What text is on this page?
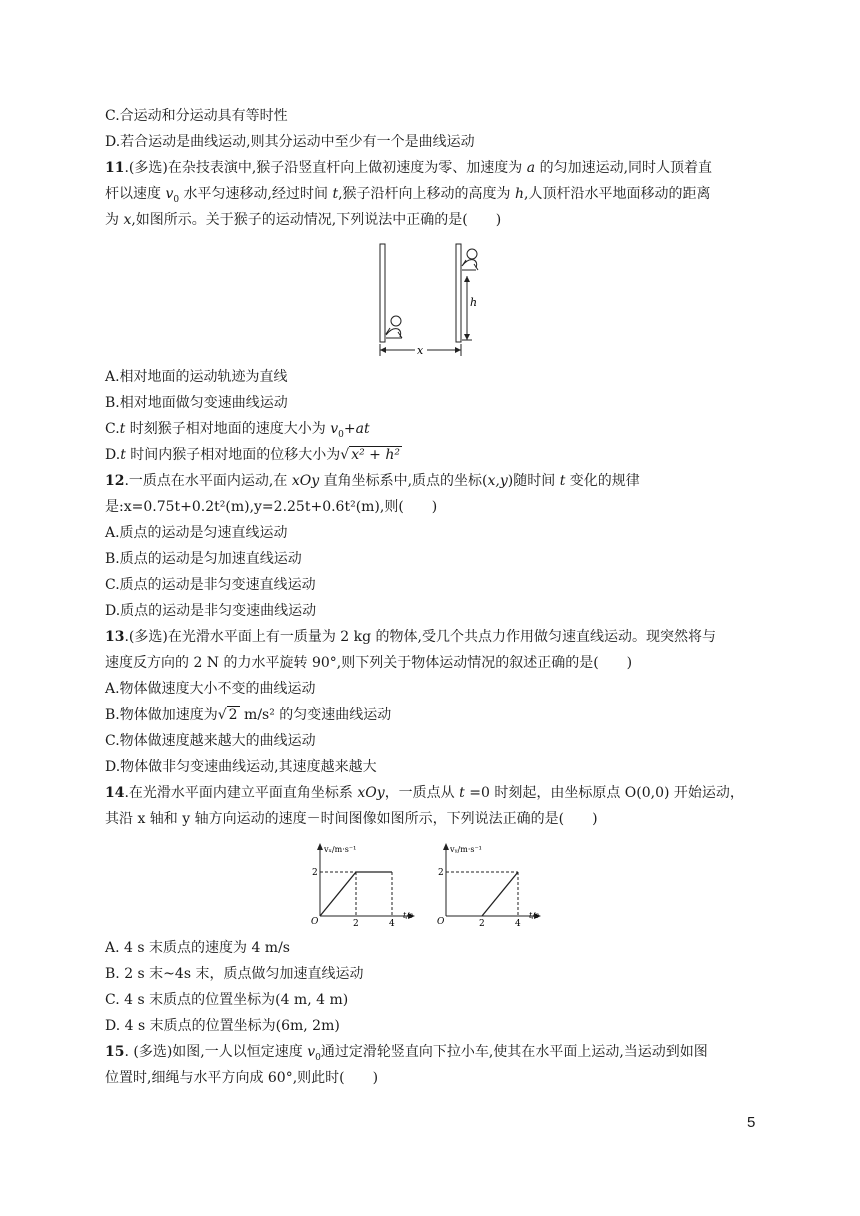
C.合运动和分运动具有等时性
D.若合运动是曲线运动,则其分运动中至少有一个是曲线运动
11.(多选)在杂技表演中,猴子沿竖直杆向上做初速度为零、加速度为 a 的匀加速运动,同时人顶着直
杆以速度 $v_0$ 水平匀速移动,经过时间 t,猴子沿杆向上移动的高度为 h,人顶杆沿水平地面移动的距离
为 x,如图所示。关于猴子的运动情况,下列说法中正确的是(　　)
h
x
A.相对地面的运动轨迹为直线
B.相对地面做匀变速曲线运动
C.t 时刻猴子相对地面的速度大小为 $v_0+at$
D.t 时间内猴子相对地面的位移大小为√ x² + h²
12.一质点在水平面内运动,在 xOy 直角坐标系中,质点的坐标(x,y)随时间 t 变化的规律
是:x=0.75t+0.2t²(m),y=2.25t+0.6t²(m),则(　　)
A.质点的运动是匀速直线运动
B.质点的运动是匀加速直线运动
C.质点的运动是非匀变速直线运动
D.质点的运动是非匀变速曲线运动
13.(多选)在光滑水平面上有一质量为 2 kg 的物体,受几个共点力作用做匀速直线运动。现突然将与
速度反方向的 2 N 的力水平旋转 90°,则下列关于物体运动情况的叙述正确的是(　　)
A.物体做速度大小不变的曲线运动
B.物体做加速度为√ 2 m/s² 的匀变速曲线运动
C.物体做速度越来越大的曲线运动
D.物体做非匀变速曲线运动,其速度越来越大
14.在光滑水平面内建立平面直角坐标系 xOy，一质点从 t =0 时刻起，由坐标原点 O(0,0) 开始运动，
其沿 x 轴和 y 轴方向运动的速度－时间图像如图所示，下列说法正确的是(　　)
vₓ/m·s⁻¹
t/s
O
2
2	4
vᵧ/m·s⁻¹
t/s
O
2
2	4
A. 4 s 末质点的速度为 4 m/s
B. 2 s 末~4s 末，质点做匀加速直线运动
C. 4 s 末质点的位置坐标为(4 m, 4 m)
D. 4 s 末质点的位置坐标为(6m, 2m)
15. (多选)如图,一人以恒定速度 $v_0$通过定滑轮竖直向下拉小车,使其在水平面上运动,当运动到如图
位置时,细绳与水平方向成 60°,则此时(　　)
5
